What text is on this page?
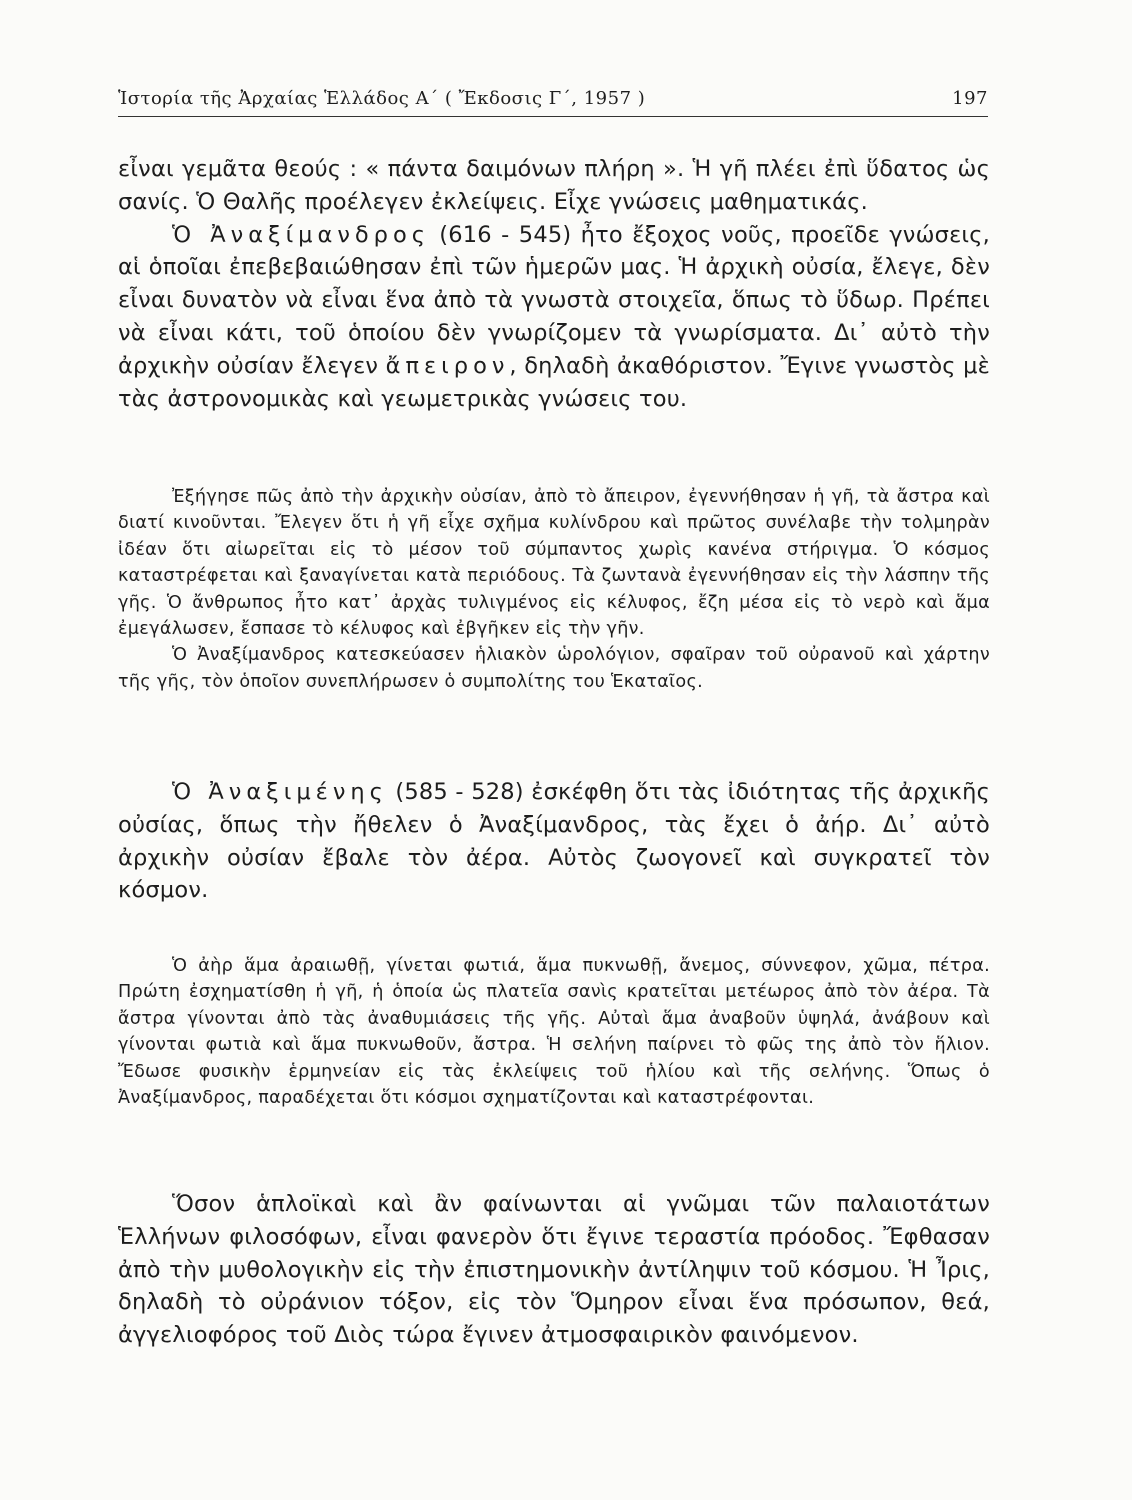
Ἱστορία τῆς Ἀρχαίας Ἑλλάδος Α´ ( Ἔκδοσις Γ´, 1957 )	197

εἶναι γεμᾶτα θεούς : « πάντα δαιμόνων πλήρη ». Ἡ γῆ πλέει ἐπὶ ὕδατος ὡς σανίς. Ὁ Θαλῆς προέλεγεν ἐκλείψεις. Εἶχε γνώσεις μαθηματικάς.

Ὁ Ἀναξίμανδρος (616 - 545) ἦτο ἔξοχος νοῦς, προεῖδε γνώσεις, αἱ ὁποῖαι ἐπεβεβαιώθησαν ἐπὶ τῶν ἡμερῶν μας. Ἡ ἀρχικὴ οὐσία, ἔλεγε, δὲν εἶναι δυνατὸν νὰ εἶναι ἕνα ἀπὸ τὰ γνωστὰ στοιχεῖα, ὅπως τὸ ὕδωρ. Πρέπει νὰ εἶναι κάτι, τοῦ ὁποίου δὲν γνωρίζομεν τὰ γνωρίσματα. Δι᾽ αὐτὸ τὴν ἀρχικὴν οὐσίαν ἔλεγεν ἄπειρον, δηλαδὴ ἀκαθόριστον. Ἔγινε γνωστὸς μὲ τὰς ἀστρονομικὰς καὶ γεωμετρικὰς γνώσεις του.

Ἐξήγησε πῶς ἀπὸ τὴν ἀρχικὴν οὐσίαν, ἀπὸ τὸ ἄπειρον, ἐγεννήθησαν ἡ γῆ, τὰ ἄστρα καὶ διατί κινοῦνται. Ἔλεγεν ὅτι ἡ γῆ εἶχε σχῆμα κυλίνδρου καὶ πρῶτος συνέλαβε τὴν τολμηρὰν ἰδέαν ὅτι αἰωρεῖται εἰς τὸ μέσον τοῦ σύμπαντος χωρὶς κανένα στήριγμα. Ὁ κόσμος καταστρέφεται καὶ ξαναγίνεται κατὰ περιόδους. Τὰ ζωντανὰ ἐγεννήθησαν εἰς τὴν λάσπην τῆς γῆς. Ὁ ἄνθρωπος ἦτο κατ᾽ ἀρχὰς τυλιγμένος εἰς κέλυφος, ἔζη μέσα εἰς τὸ νερὸ καὶ ἅμα ἐμεγάλωσεν, ἔσπασε τὸ κέλυφος καὶ ἐβγῆκεν εἰς τὴν γῆν.

Ὁ Ἀναξίμανδρος κατεσκεύασεν ἡλιακὸν ὡρολόγιον, σφαῖραν τοῦ οὐρανοῦ καὶ χάρτην τῆς γῆς, τὸν ὁποῖον συνεπλήρωσεν ὁ συμπολίτης του Ἑκαταῖος.

Ὁ Ἀναξιμένης (585 - 528) ἐσκέφθη ὅτι τὰς ἰδιότητας τῆς ἀρχικῆς οὐσίας, ὅπως τὴν ἤθελεν ὁ Ἀναξίμανδρος, τὰς ἔχει ὁ ἀήρ. Δι᾽ αὐτὸ ἀρχικὴν οὐσίαν ἔβαλε τὸν ἀέρα. Αὐτὸς ζωογονεῖ καὶ συγκρατεῖ τὸν κόσμον.

Ὁ ἀὴρ ἅμα ἀραιωθῇ, γίνεται φωτιά, ἅμα πυκνωθῇ, ἄνεμος, σύννεφον, χῶμα, πέτρα. Πρώτη ἐσχηματίσθη ἡ γῆ, ἡ ὁποία ὡς πλατεῖα σανὶς κρατεῖται μετέωρος ἀπὸ τὸν ἀέρα. Τὰ ἄστρα γίνονται ἀπὸ τὰς ἀναθυμιάσεις τῆς γῆς. Αὐταὶ ἅμα ἀναβοῦν ὑψηλά, ἀνάβουν καὶ γίνονται φωτιὰ καὶ ἅμα πυκνωθοῦν, ἄστρα. Ἡ σελήνη παίρνει τὸ φῶς της ἀπὸ τὸν ἥλιον. Ἔδωσε φυσικὴν ἑρμηνείαν εἰς τὰς ἐκλείψεις τοῦ ἡλίου καὶ τῆς σελήνης. Ὅπως ὁ Ἀναξίμανδρος, παραδέχεται ὅτι κόσμοι σχηματίζονται καὶ καταστρέφονται.

Ὅσον ἁπλοϊκαὶ καὶ ἂν φαίνωνται αἱ γνῶμαι τῶν παλαιοτάτων Ἑλλήνων φιλοσόφων, εἶναι φανερὸν ὅτι ἔγινε τεραστία πρόοδος. Ἔφθασαν ἀπὸ τὴν μυθολογικὴν εἰς τὴν ἐπιστημονικὴν ἀντίληψιν τοῦ κόσμου. Ἡ Ἶρις, δηλαδὴ τὸ οὐράνιον τόξον, εἰς τὸν Ὅμηρον εἶναι ἕνα πρόσωπον, θεά, ἀγγελιοφόρος τοῦ Διὸς τώρα ἔγινεν ἀτμοσφαιρικὸν φαινόμενον.
